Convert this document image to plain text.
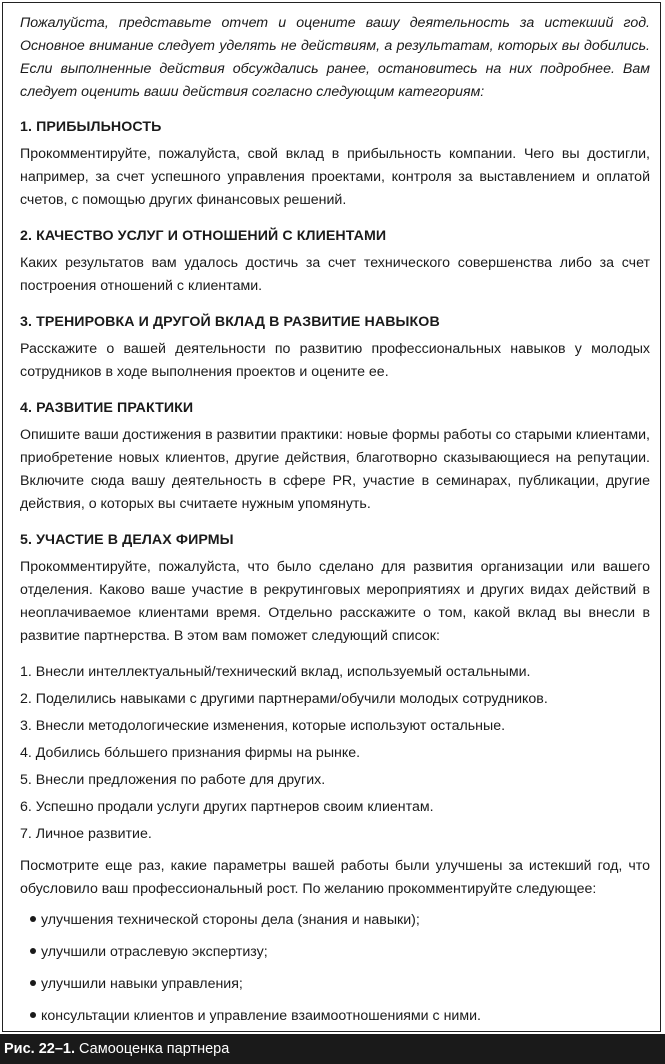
Пожалуйста, представьте отчет и оцените вашу деятельность за истекший год. Основное внимание следует уделять не действиям, а результатам, которых вы добились. Если выполненные действия обсуждались ранее, остановитесь на них подробнее. Вам следует оценить ваши действия согласно следующим категориям:

1. ПРИБЫЛЬНОСТЬ

Прокомментируйте, пожалуйста, свой вклад в прибыльность компании. Чего вы достигли, например, за счет успешного управления проектами, контроля за выставлением и оплатой счетов, с помощью других финансовых решений.

2. КАЧЕСТВО УСЛУГ И ОТНОШЕНИЙ С КЛИЕНТАМИ

Каких результатов вам удалось достичь за счет технического совершенства либо за счет построения отношений с клиентами.

3. ТРЕНИРОВКА И ДРУГОЙ ВКЛАД В РАЗВИТИЕ НАВЫКОВ

Расскажите о вашей деятельности по развитию профессиональных навыков у молодых сотрудников в ходе выполнения проектов и оцените ее.

4. РАЗВИТИЕ ПРАКТИКИ

Опишите ваши достижения в развитии практики: новые формы работы со старыми клиентами, приобретение новых клиентов, другие действия, благотворно сказывающиеся на репутации. Включите сюда вашу деятельность в сфере PR, участие в семинарах, публикации, другие действия, о которых вы считаете нужным упомянуть.

5. УЧАСТИЕ В ДЕЛАХ ФИРМЫ

Прокомментируйте, пожалуйста, что было сделано для развития организации или вашего отделения. Каково ваше участие в рекрутинговых мероприятиях и других видах действий в неоплачиваемое клиентами время. Отдельно расскажите о том, какой вклад вы внесли в развитие партнерства. В этом вам поможет следующий список:

1. Внесли интеллектуальный/технический вклад, используемый остальными.
2. Поделились навыками с другими партнерами/обучили молодых сотрудников.
3. Внесли методологические изменения, которые используют остальные.
4. Добились бо́льшего признания фирмы на рынке.
5. Внесли предложения по работе для других.
6. Успешно продали услуги других партнеров своим клиентам.
7. Личное развитие.

Посмотрите еще раз, какие параметры вашей работы были улучшены за истекший год, что обусловило ваш профессиональный рост. По желанию прокомментируйте следующее:

улучшения технической стороны дела (знания и навыки);
улучшили отраслевую экспертизу;
улучшили навыки управления;
консультации клиентов и управление взаимоотношениями с ними.
Рис. 22–1. Самооценка партнера
